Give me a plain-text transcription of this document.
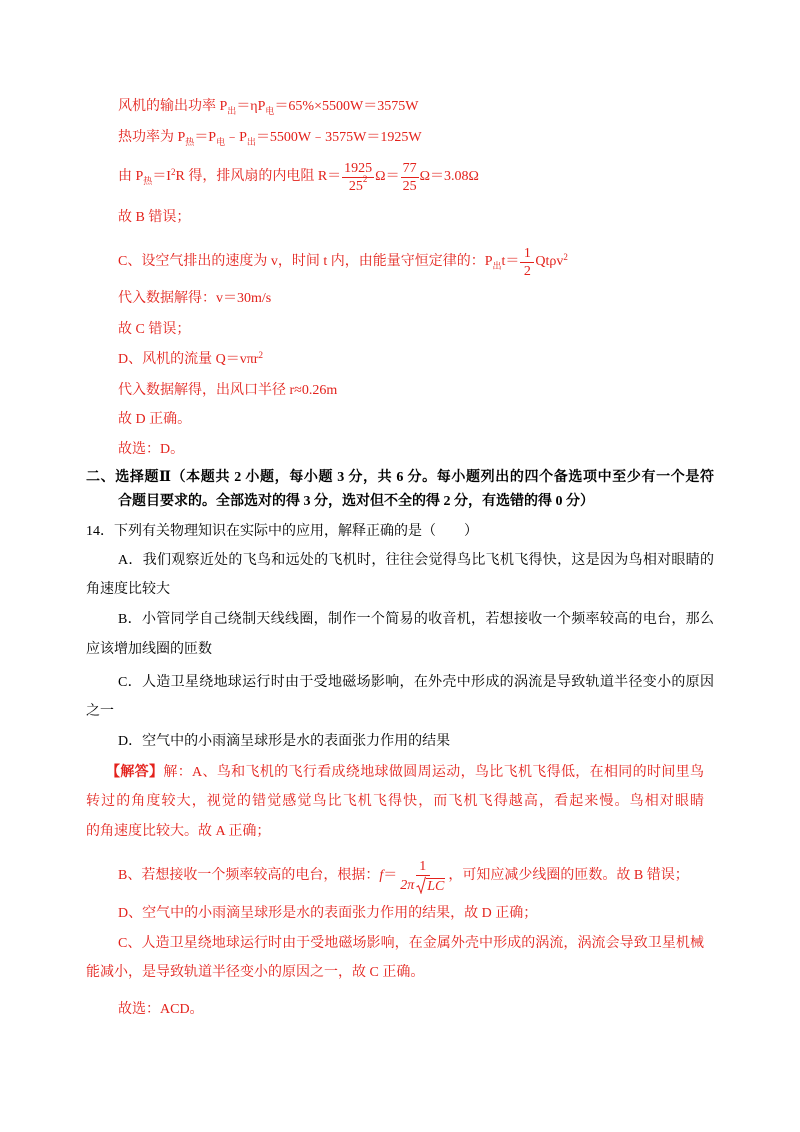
风机的输出功率 P 出 ＝ηP 电 ＝65%×5500W＝3575W
热功率为 P 热 ＝P 电 ﹣P 出 ＝5500W﹣3575W＝1925W
由 P 热 ＝I 2 R 得，排风扇的内电阻 $R= \frac{1925}{25 2} \Omega= \frac{77}{25} \Omega=3.08\Omega$
故 B 错误；
C、设空气排出的速度为 v，时间 t 内，由能量守恒定律的：P 出 $t= \frac{1}{2}$ Qtρv 2
代入数据解得：v＝30m/s
故 C 错误；
D、风机的流量 Q＝vπr 2
代入数据解得，出风口半径 r≈0.26m
故 D 正确。
故选：D。
二、选择题Ⅱ（本题共 2 小题，每小题 3 分，共 6 分。每小题列出的四个备选项中至少有一个是符
合题目要求的。全部选对的得 3 分，选对但不全的得 2 分，有选错的得 0 分）
14．下列有关物理知识在实际中的应用，解释正确的是（　　）
A．我们观察近处的飞鸟和远处的飞机时，往往会觉得鸟比飞机飞得快，这是因为鸟相对眼睛的
角速度比较大
B．小管同学自己绕制天线线圈，制作一个简易的收音机，若想接收一个频率较高的电台，那么
应该增加线圈的匝数
C．人造卫星绕地球运行时由于受地磁场影响，在外壳中形成的涡流是导致轨道半径变小的原因
之一
D．空气中的小雨滴呈球形是水的表面张力作用的结果
【解答】解：A、鸟和飞机的飞行看成绕地球做圆周运动，鸟比飞机飞得低，在相同的时间里鸟
转过的角度较大，视觉的错觉感觉鸟比飞机飞得快，而飞机飞得越高，看起来慢。鸟相对眼睛
的角速度比较大。故 A 正确；
B、若想接收一个频率较高的电台，根据： $f = \frac{1}{\text{2π LC}}$ ，可知应减少线圈的匝数。故 B 错误；
D、空气中的小雨滴呈球形是水的表面张力作用的结果，故 D 正确；
C、人造卫星绕地球运行时由于受地磁场影响，在金属外壳中形成的涡流，涡流会导致卫星机械
能减小，是导致轨道半径变小的原因之一，故 C 正确。
故选：ACD。
